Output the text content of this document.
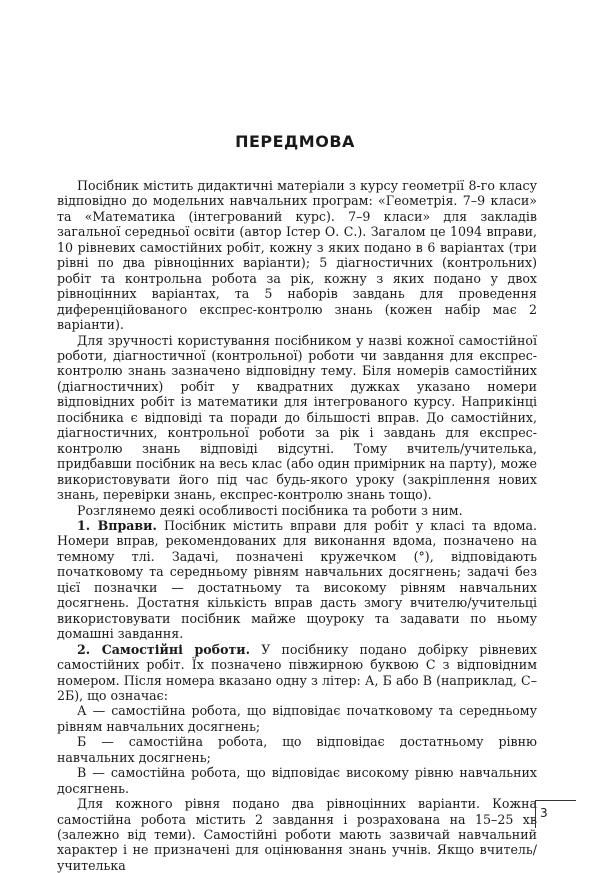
ПЕРЕДМОВА

Посібник містить дидактичні матеріали з курсу геометрії 8-го класу відповідно до модельних навчальних програм: «Геометрія. 7–9 класи» та «Математика (інтегрований курс). 7–9 класи» для закладів загальної середньої освіти (автор Істер О. С.). Загалом це 1094 вправи, 10 рівневих самостійних робіт, кожну з яких подано в 6 варіантах (три рівні по два рівноцінних варіанти); 5 діагностичних (контрольних) робіт та контрольна робота за рік, кожну з яких подано у двох рівноцінних варіантах, та 5 наборів завдань для проведення диференційованого експрес-контролю знань (кожен набір має 2 варіанти).

Для зручності користування посібником у назві кожної самостійної роботи, діагностичної (контрольної) роботи чи завдання для експрес-контролю знань зазначено відповідну тему. Біля номерів самостійних (діагностичних) робіт у квадратних дужках указано номери відповідних робіт із математики для інтегрованого курсу. Наприкінці посібника є відповіді та поради до більшості вправ. До самостійних, діагностичних, контрольної роботи за рік і завдань для експрес-контролю знань відповіді відсутні. Тому вчитель/учителька, придбавши посібник на весь клас (або один примірник на парту), може використовувати його під час будь-якого уроку (закріплення нових знань, перевірки знань, експрес-контролю знань тощо).

Розглянемо деякі особливості посібника та роботи з ним.

1. Вправи. Посібник містить вправи для робіт у класі та вдома. Номери вправ, рекомендованих для виконання вдома, позначено на темному тлі. Задачі, позначені кружечком (°), відповідають початковому та середньому рівням навчальних досягнень; задачі без цієї позначки — достатньому та високому рівням навчальних досягнень. Достатня кількість вправ дасть змогу вчителю/учительці використовувати посібник майже щоуроку та задавати по ньому домашні завдання.

2. Самостійні роботи. У посібнику подано добірку рівневих самостійних робіт. Їх позначено півжирною буквою С з відповідним номером. Після номера вказано одну з літер: А, Б або В (наприклад, С–2Б), що означає:

А — самостійна робота, що відповідає початковому та середньому рівням навчальних досягнень;

Б — самостійна робота, що відповідає достатньому рівню навчальних досягнень;

В — самостійна робота, що відповідає високому рівню навчальних досягнень.

Для кожного рівня подано два рівноцінних варіанти. Кожна самостійна робота містить 2 завдання і розрахована на 15–25 хв (залежно від теми). Самостійні роботи мають зазвичай навчальний характер і не призначені для оцінювання знань учнів. Якщо вчитель/учителька

3
